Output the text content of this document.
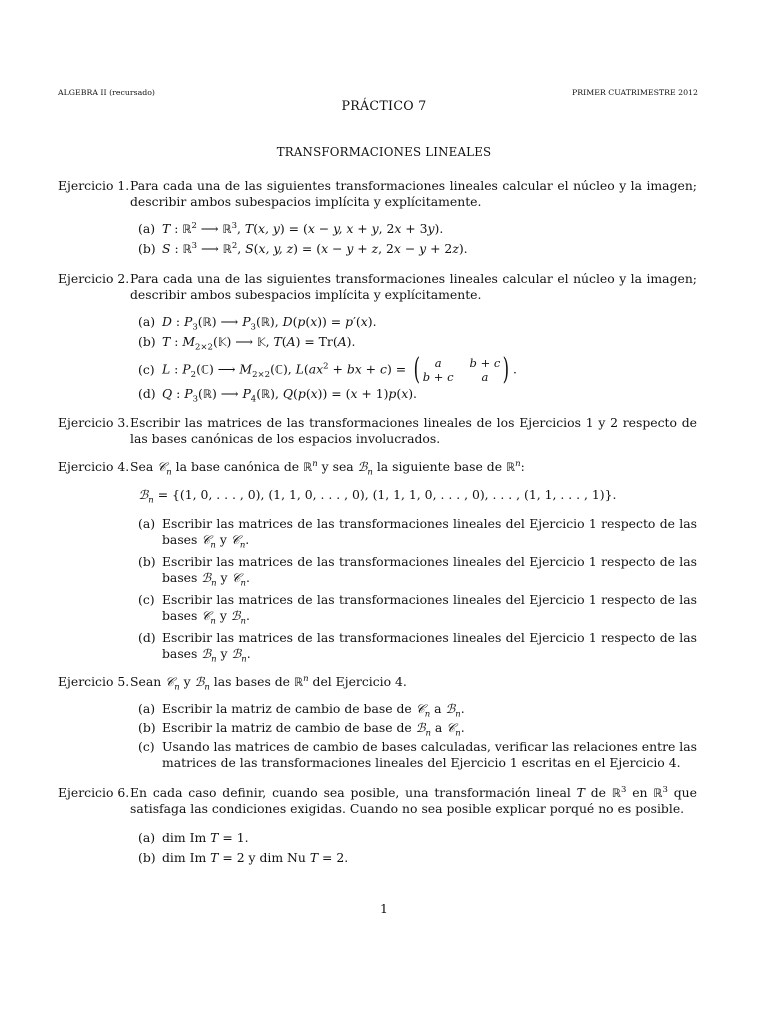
ALGEBRA II (recursado)	PRIMER CUATRIMESTRE 2012
PRÁCTICO 7
TRANSFORMACIONES LINEALES
Ejercicio 1. Para cada una de las siguientes transformaciones lineales calcular el núcleo y la imagen; describir ambos subespacios implícita y explícitamente.
(a) T : ℝ$^2$ ⟶ ℝ$^3$, T(x, y) = (x − y, x + y, 2x + 3y).
(b) S : ℝ$^3$ ⟶ ℝ$^2$, S(x, y, z) = (x − y + z, 2x − y + 2z).
Ejercicio 2. Para cada una de las siguientes transformaciones lineales calcular el núcleo y la imagen; describir ambos subespacios implícita y explícitamente.
(a) D : $P_3(ℝ)$ ⟶ $P_3(ℝ)$, D(p(x)) = p′(x).
(b) T : $M_{2\times 2}(𝕂)$ ⟶ 𝕂, T(A) = Tr(A).
(c) L : $P_2(ℂ)$ ⟶ $M_{2\times 2}(ℂ)$, $L(ax^2$ + bx + c) = (	a	b + c
b + c	a ) .
(d) Q : $P_3(ℝ)$ ⟶ $P_4(ℝ)$, Q(p(x)) = (x + 1)p(x).
Ejercicio 3. Escribir las matrices de las transformaciones lineales de los Ejercicios 1 y 2 respecto de las bases canónicas de los espacios involucrados.
Ejercicio 4. Sea 𝒞$_n$ la base canónica de ℝ$^n$ y sea ℬ$_n$ la siguiente base de ℝ$^n$:
ℬ$_n$ = {(1, 0, . . . , 0), (1, 1, 0, . . . , 0), (1, 1, 1, 0, . . . , 0), . . . , (1, 1, . . . , 1)}.
(a) Escribir las matrices de las transformaciones lineales del Ejercicio 1 respecto de las bases 𝒞$_n$ y 𝒞$_n$.
(b) Escribir las matrices de las transformaciones lineales del Ejercicio 1 respecto de las bases ℬ$_n$ y 𝒞$_n$.
(c) Escribir las matrices de las transformaciones lineales del Ejercicio 1 respecto de las bases 𝒞$_n$ y ℬ$_n$.
(d) Escribir las matrices de las transformaciones lineales del Ejercicio 1 respecto de las bases ℬ$_n$ y ℬ$_n$.
Ejercicio 5. Sean 𝒞$_n$ y ℬ$_n$ las bases de ℝ$^n$ del Ejercicio 4.
(a) Escribir la matriz de cambio de base de 𝒞$_n$ a ℬ$_n$.
(b) Escribir la matriz de cambio de base de ℬ$_n$ a 𝒞$_n$.
(c) Usando las matrices de cambio de bases calculadas, verificar las relaciones entre las matrices de las transformaciones lineales del Ejercicio 1 escritas en el Ejercicio 4.
Ejercicio 6. En cada caso definir, cuando sea posible, una transformación lineal T de ℝ$^3$ en ℝ$^3$ que satisfaga las condiciones exigidas. Cuando no sea posible explicar porqué no es posible.
(a) dim Im T = 1.
(b) dim Im T = 2 y dim Nu T = 2.
1
